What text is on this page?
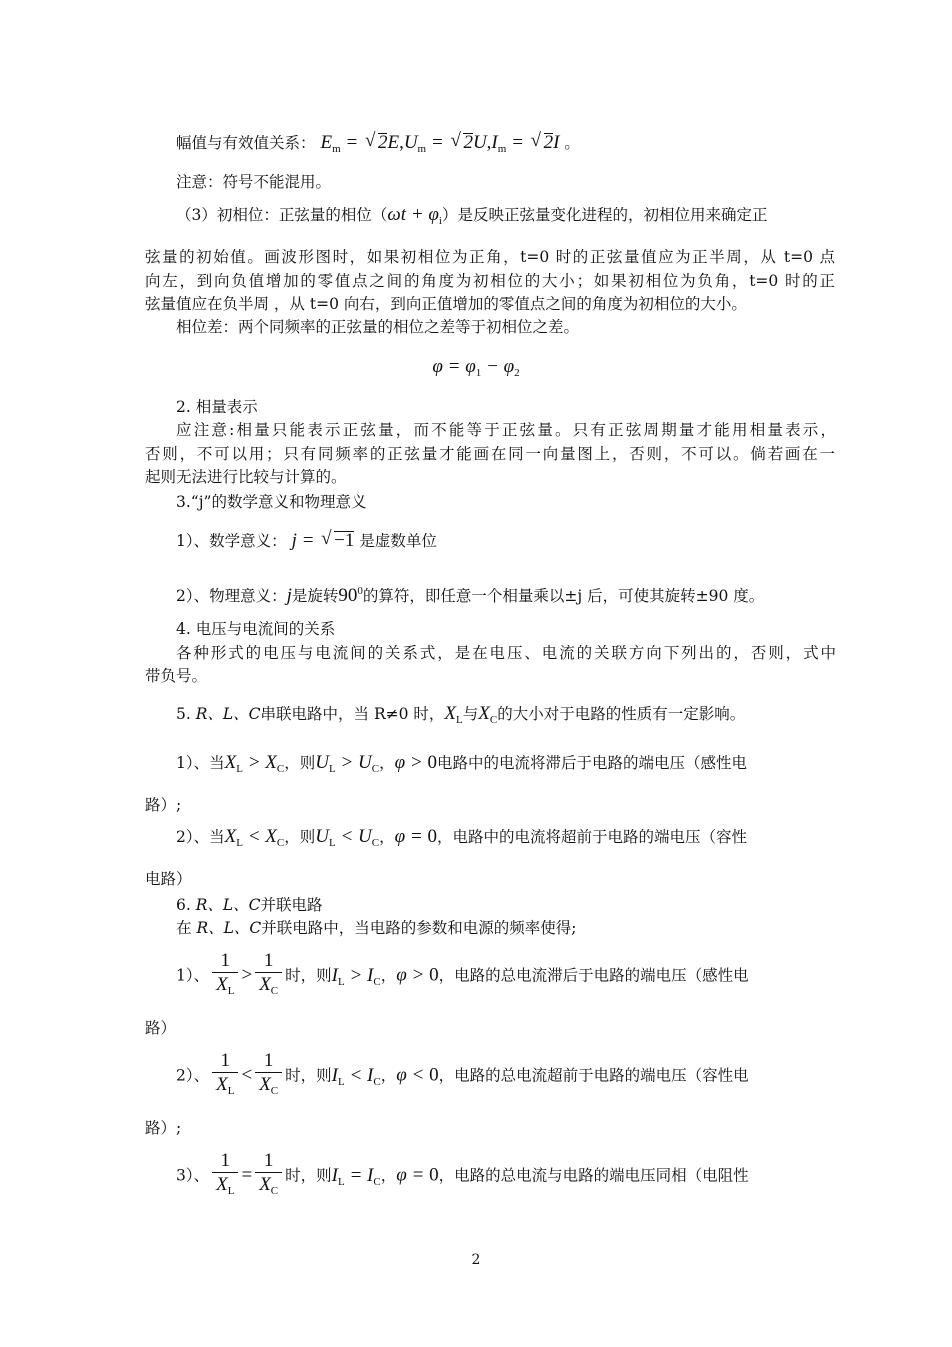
幅值与有效值关系： $E_m$ = √ $2E,U_m$ = √ $2U,I_m$ = √ 2I 。
注意：符号不能混用。
（3）初相位：正弦量的相位$(\omega t + \varphi_i)$是反映正弦量变化进程的，初相位用来确定正
弦量的初始值。画波形图时，如果初相位为正角，t=0 时的正弦量值应为正半周，从 t=0 点
向左，到向负值增加的零值点之间的角度为初相位的大小；如果初相位为负角，t=0 时的正
弦量值应在负半周 ，从 t=0 向右，到向正值增加的零值点之间的角度为初相位的大小。
相位差：两个同频率的正弦量的相位之差等于初相位之差。
$\varphi = \varphi_1 - \varphi_2$
2. 相量表示
应注意:相量只能表示正弦量，而不能等于正弦量。只有正弦周期量才能用相量表示，
否则，不可以用；只有同频率的正弦量才能画在同一向量图上，否则，不可以。倘若画在一
起则无法进行比较与计算的。
3.“j”的数学意义和物理意义
1）、数学意义： j = √ −1 是虚数单位
2）、物理意义：j是旋转$90^0$的算符，即任意一个相量乘以±j 后，可使其旋转±90 度。
4. 电压与电流间的关系
各种形式的电压与电流间的关系式，是在电压、电流的关联方向下列出的，否则，式中
带负号。
5. R、L、C串联电路中，当 R≠0 时，$X_L$与$X_C$的大小对于电路的性质有一定影响。
1）、当$X_L > X_C$，则$U_L > U_C$，φ > 0电路中的电流将滞后于电路的端电压（感性电
路）;
2）、当$X_L < X_C$，则$U_L < U_C$，φ = 0，电路中的电流将超前于电路的端电压（容性
电路）
6. R、L、C并联电路
在 R、L、C并联电路中，当电路的参数和电源的频率使得;
1）、 $\frac{1}{X_L} > \frac{1}{X_C}$ 时，则$I_L > I_C$，φ > 0，电路的总电流滞后于电路的端电压（感性电
路）
2）、 $\frac{1}{X_L} < \frac{1}{X_C}$ 时，则$I_L < I_C$，φ < 0，电路的总电流超前于电路的端电压（容性电
路）;
3）、 $\frac{1}{X_L} = \frac{1}{X_C}$ 时，则$I_L = I_C$，φ = 0，电路的总电流与电路的端电压同相（电阻性
2
